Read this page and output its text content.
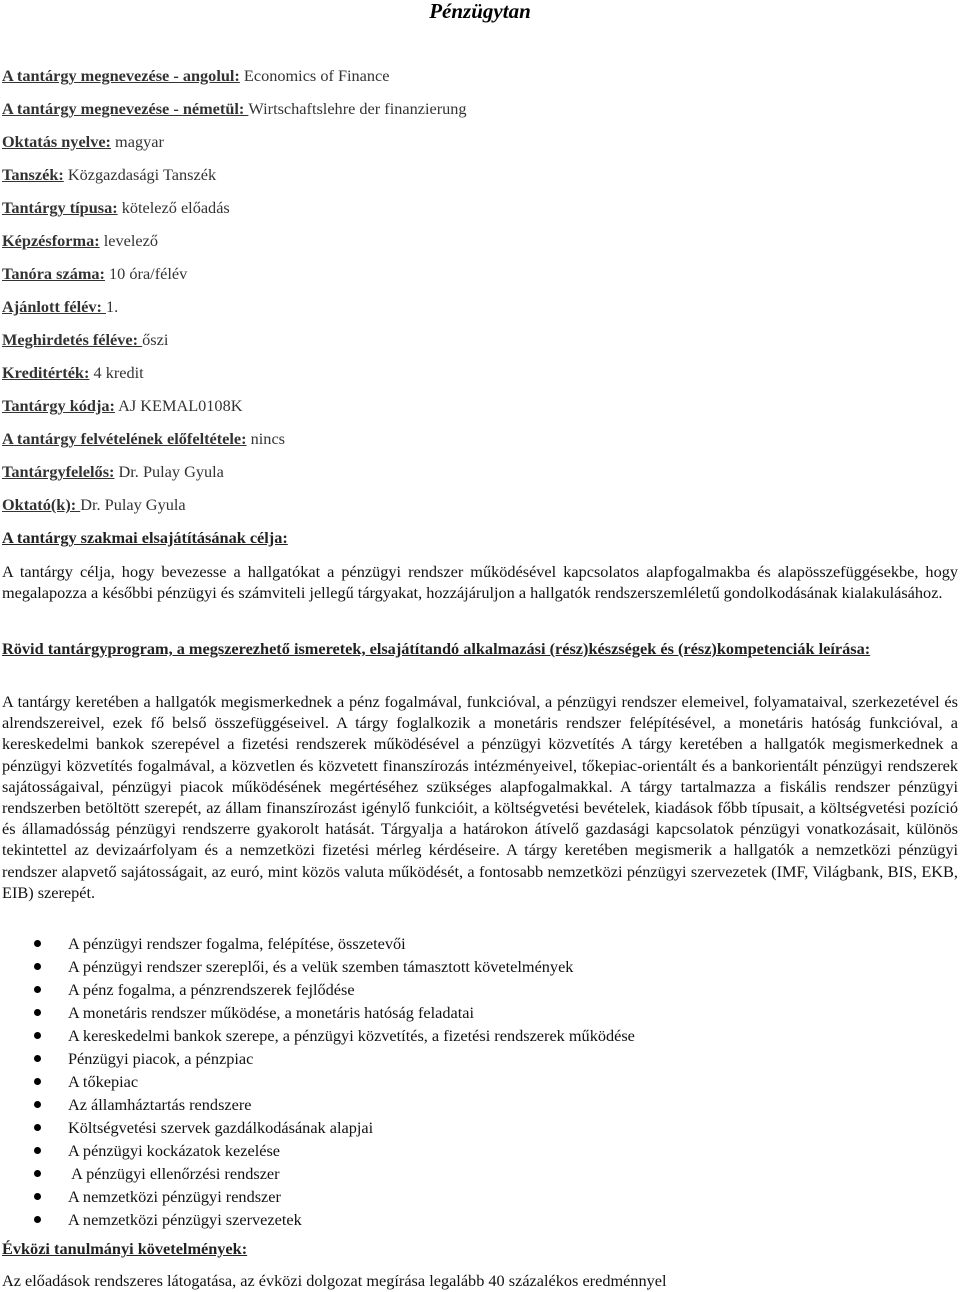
Pénzügytan
A tantárgy megnevezése - angolul: Economics of Finance
A tantárgy megnevezése - németül: Wirtschaftslehre der finanzierung
Oktatás nyelve: magyar
Tanszék: Közgazdasági Tanszék
Tantárgy típusa: kötelező előadás
Képzésforma: levelező
Tanóra száma: 10 óra/félév
Ajánlott félév: 1.
Meghirdetés féléve: őszi
Kreditérték: 4 kredit
Tantárgy kódja: AJ KEMAL0108K
A tantárgy felvételének előfeltétele: nincs
Tantárgyfelelős: Dr. Pulay Gyula
Oktató(k): Dr. Pulay Gyula
A tantárgy szakmai elsajátításának célja:

A tantárgy célja, hogy bevezesse a hallgatókat a pénzügyi rendszer működésével kapcsolatos alapfogalmakba és alapösszefüggésekbe, hogy megalapozza a későbbi pénzügyi és számviteli jellegű tárgyakat, hozzájáruljon a hallgatók rendszerszemléletű gondolkodásának kialakulásához.

Rövid tantárgyprogram, a megszerezhető ismeretek, elsajátítandó alkalmazási (rész)készségek és (rész)kompetenciák leírása:

A tantárgy keretében a hallgatók megismerkednek a pénz fogalmával, funkcióval, a pénzügyi rendszer elemeivel, folyamataival, szerkezetével és alrendszereivel, ezek fő belső összefüggéseivel. A tárgy foglalkozik a monetáris rendszer felépítésével, a monetáris hatóság funkcióval, a kereskedelmi bankok szerepével a fizetési rendszerek működésével a pénzügyi közvetítés A tárgy keretében a hallgatók megismerkednek a pénzügyi közvetítés fogalmával, a közvetlen és közvetett finanszírozás intézményeivel, tőkepiac-orientált és a bankorientált pénzügyi rendszerek sajátosságaival, pénzügyi piacok működésének megértéséhez szükséges alapfogalmakkal. A tárgy tartalmazza a fiskális rendszer pénzügyi rendszerben betöltött szerepét, az állam finanszírozást igénylő funkcióit, a költségvetési bevételek, kiadások főbb típusait, a költségvetési pozíció és államadósság pénzügyi rendszerre gyakorolt hatását. Tárgyalja a határokon átívelő gazdasági kapcsolatok pénzügyi vonatkozásait, különös tekintettel az devizaárfolyam és a nemzetközi fizetési mérleg kérdéseire. A tárgy keretében megismerik a hallgatók a nemzetközi pénzügyi rendszer alapvető sajátosságait, az euró, mint közös valuta működését, a fontosabb nemzetközi pénzügyi szervezetek (IMF, Világbank, BIS, EKB, EIB) szerepét.

A pénzügyi rendszer fogalma, felépítése, összetevői
A pénzügyi rendszer szereplői, és a velük szemben támasztott követelmények
A pénz fogalma, a pénzrendszerek fejlődése
A monetáris rendszer működése, a monetáris hatóság feladatai
A kereskedelmi bankok szerepe, a pénzügyi közvetítés, a fizetési rendszerek működése
Pénzügyi piacok, a pénzpiac
A tőkepiac
Az államháztartás rendszere
Költségvetési szervek gazdálkodásának alapjai
A pénzügyi kockázatok kezelése
A pénzügyi ellenőrzési rendszer
A nemzetközi pénzügyi rendszer
A nemzetközi pénzügyi szervezetek
Évközi tanulmányi követelmények:
Az előadások rendszeres látogatása, az évközi dolgozat megírása legalább 40 százalékos eredménnyel
